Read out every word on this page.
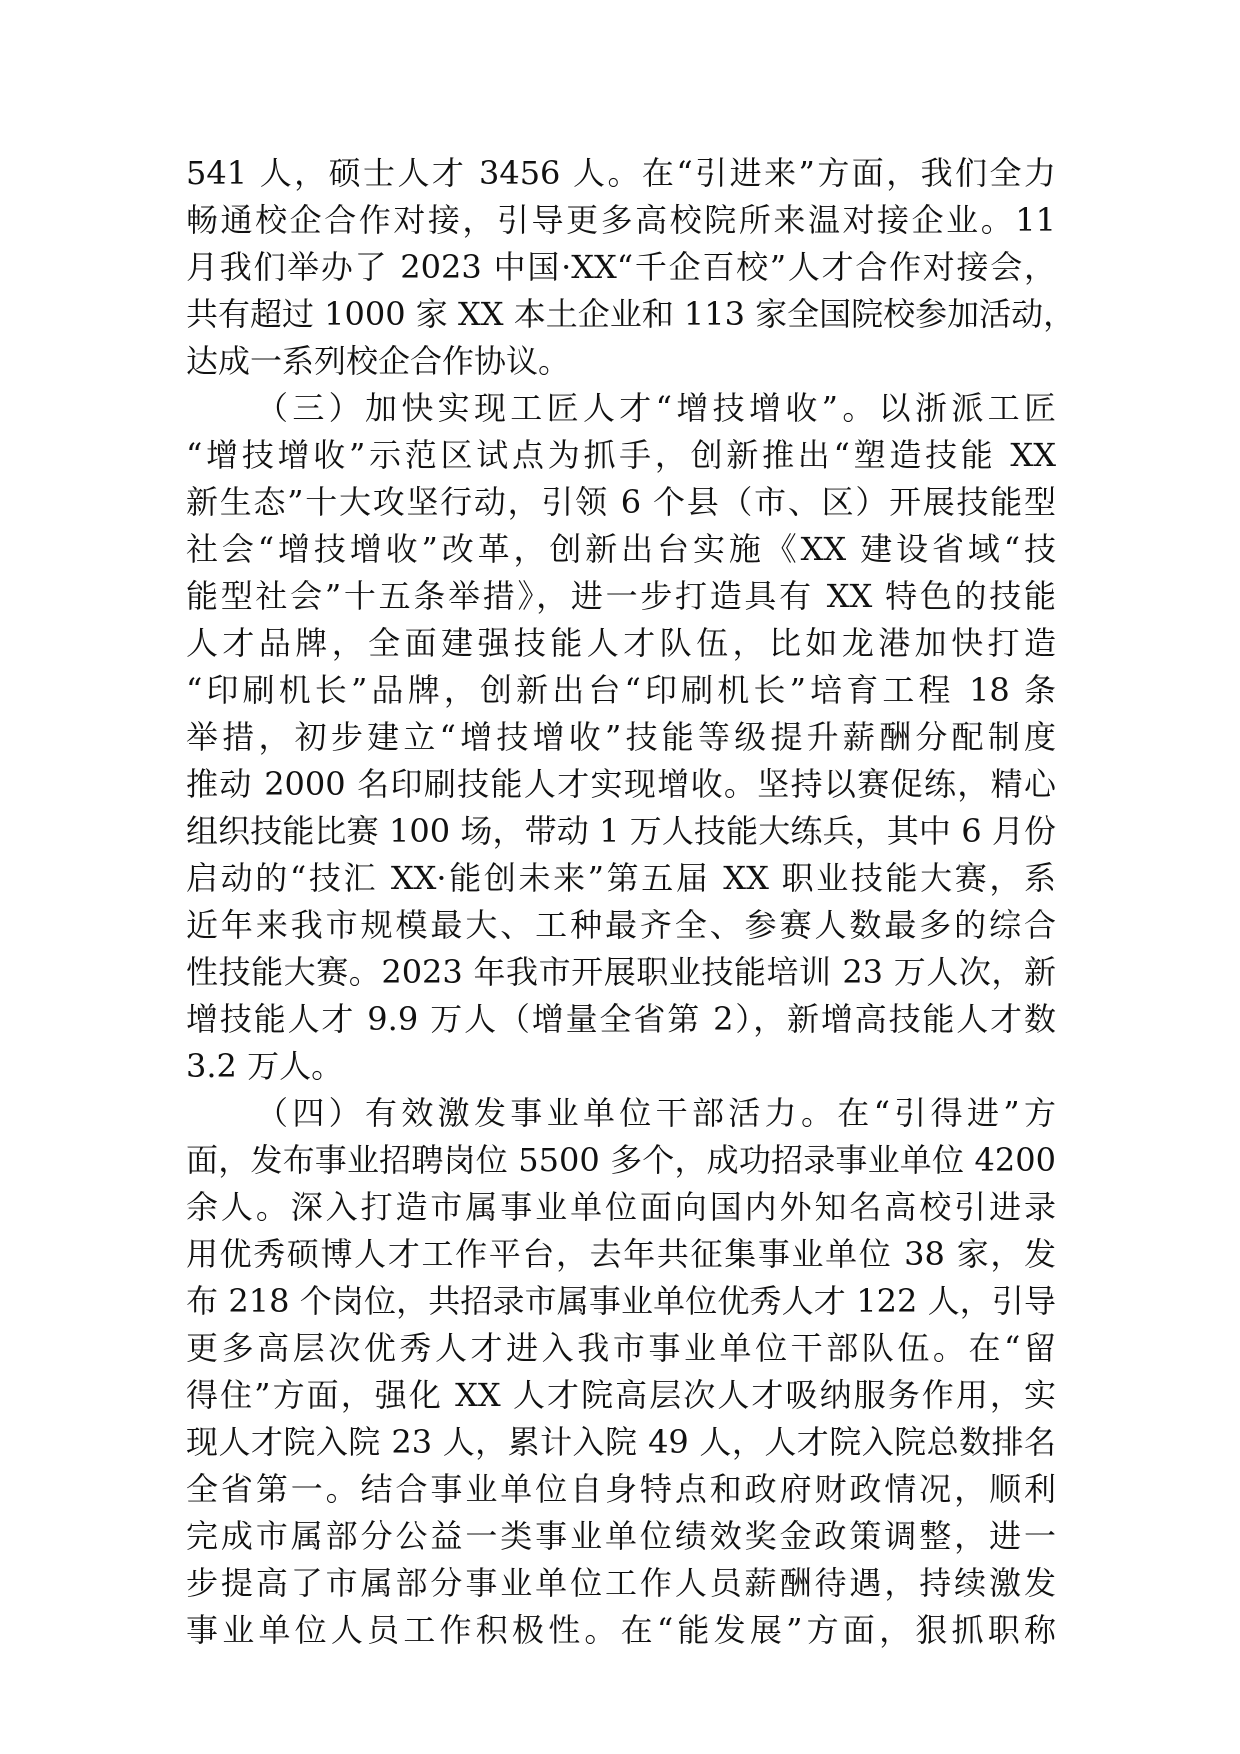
541 人，硕士人才 3456 人。在“引进来”方面，我们全力
畅通校企合作对接，引导更多高校院所来温对接企业。11
月我们举办了 2023 中国·XX“千企百校”人才合作对接会，
共有超过 1000 家 XX 本土企业和 113 家全国院校参加活动，
达成一系列校企合作协议。
（三）加快实现工匠人才“增技增收”。以浙派工匠
“增技增收”示范区试点为抓手，创新推出“塑造技能 XX
新生态”十大攻坚行动，引领 6 个县（市、区）开展技能型
社会“增技增收”改革，创新出台实施《XX 建设省域“技
能型社会”十五条举措》，进一步打造具有 XX 特色的技能
人才品牌，全面建强技能人才队伍，比如龙港加快打造
“印刷机长”品牌，创新出台“印刷机长”培育工程 18 条
举措，初步建立“增技增收”技能等级提升薪酬分配制度
推动 2000 名印刷技能人才实现增收。坚持以赛促练，精心
组织技能比赛 100 场，带动 1 万人技能大练兵，其中 6 月份
启动的“技汇 XX·能创未来”第五届 XX 职业技能大赛，系
近年来我市规模最大、工种最齐全、参赛人数最多的综合
性技能大赛。2023 年我市开展职业技能培训 23 万人次，新
增技能人才 9.9 万人（增量全省第 2），新增高技能人才数
3.2 万人。
（四）有效激发事业单位干部活力。在“引得进”方
面，发布事业招聘岗位 5500 多个，成功招录事业单位 4200
余人。深入打造市属事业单位面向国内外知名高校引进录
用优秀硕博人才工作平台，去年共征集事业单位 38 家，发
布 218 个岗位，共招录市属事业单位优秀人才 122 人，引导
更多高层次优秀人才进入我市事业单位干部队伍。在“留
得住”方面，强化 XX 人才院高层次人才吸纳服务作用，实
现人才院入院 23 人，累计入院 49 人，人才院入院总数排名
全省第一。结合事业单位自身特点和政府财政情况，顺利
完成市属部分公益一类事业单位绩效奖金政策调整，进一
步提高了市属部分事业单位工作人员薪酬待遇，持续激发
事业单位人员工作积极性。在“能发展”方面，狠抓职称
